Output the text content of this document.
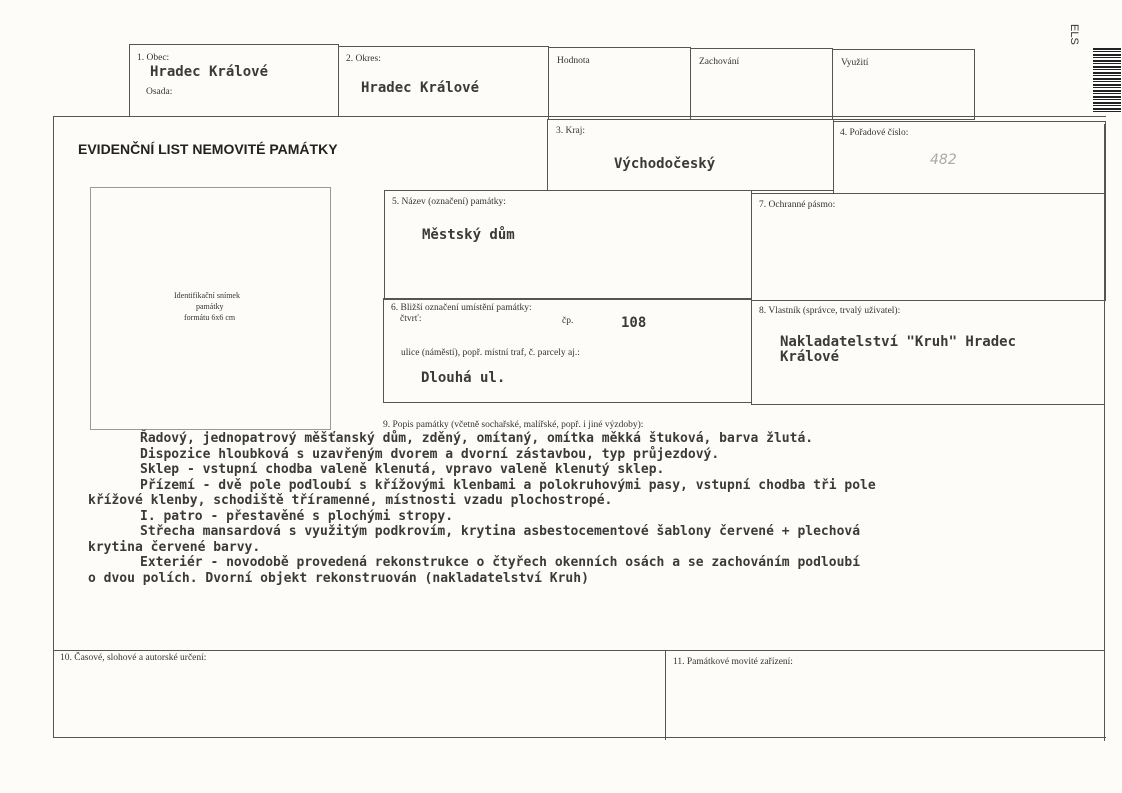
1. Obec:
Hradec Králové
Osada:
2. Okres:
Hradec Králové
Hodnota	Zachování	Využití
EVIDENČNÍ LIST NEMOVITÉ PAMÁTKY
3. Kraj:
Východočeský
4. Pořadové číslo:
482
Identifikační snímek
památky
formátu 6x6 cm
5. Název (označení) památky:
Městský dům
7. Ochranné pásmo:
6. Bližší označení umístění památky:
čtvrť:	čp.	108
ulice (náměstí), popř. místní traf, č. parcely aj.:
Dlouhá ul.
8. Vlastník (správce, trvalý uživatel):
Nakladatelství "Kruh" Hradec
Králové
9. Popis památky (včetně sochařské, malířské, popř. i jiné výzdoby):
Řadový, jednopatrový měšťanský dům, zděný, omítaný, omítka měkká štuková, barva žlutá.
Dispozice hloubková s uzavřeným dvorem a dvorní zástavbou, typ průjezdový.
Sklep - vstupní chodba valeně klenutá, vpravo valeně klenutý sklep.
Přízemí - dvě pole podloubí s křížovými klenbami a polokruhovými pasy, vstupní chodba tři pole
křížové klenby, schodiště tříramenné, místnosti vzadu plochostropé.
I. patro - přestavěné s plochými stropy.
Střecha mansardová s využitým podkrovím, krytina asbestocementové šablony červené + plechová
krytina červené barvy.
Exteriér - novodobě provedená rekonstrukce o čtyřech okenních osách a se zachováním podloubí
o dvou polích. Dvorní objekt rekonstruován (nakladatelství Kruh)
10. Časové, slohové a autorské určení:	11. Památkové movité zařízení:
ELS
